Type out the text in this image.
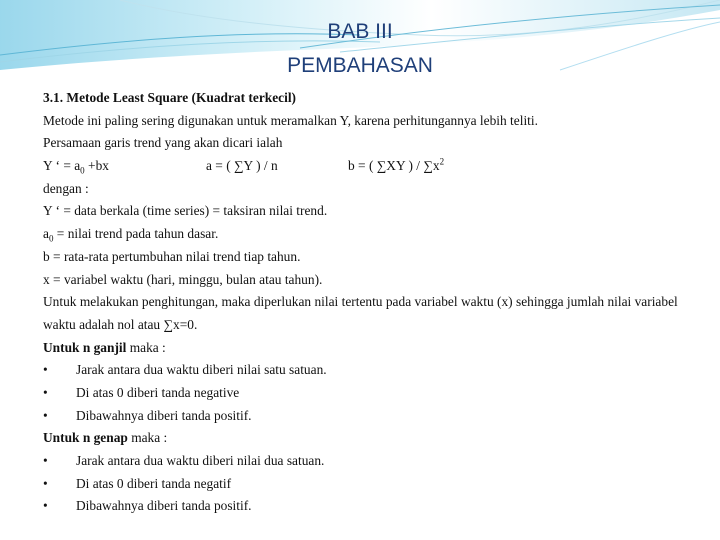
BAB III
PEMBAHASAN
3.1. Metode Least Square (Kuadrat terkecil)
Metode ini paling sering digunakan untuk meramalkan Y, karena perhitungannya lebih teliti.
Persamaan garis trend yang akan dicari ialah
Y ‘ = $a_0 +bx$	a = ( ∑Y ) / n	b = ( ∑XY ) / $\sum x^2$
dengan :
Y ‘ = data berkala (time series) = taksiran nilai trend.
$a_0$ = nilai trend pada tahun dasar.
b = rata-rata pertumbuhan nilai trend tiap tahun.
x = variabel waktu (hari, minggu, bulan atau tahun).
Untuk melakukan penghitungan, maka diperlukan nilai tertentu pada variabel waktu (x) sehingga jumlah nilai variabel waktu adalah nol atau ∑x=0.
Untuk n ganjil maka :
• Jarak antara dua waktu diberi nilai satu satuan.
• Di atas 0 diberi tanda negative
• Dibawahnya diberi tanda positif.
Untuk n genap maka :
• Jarak antara dua waktu diberi nilai dua satuan.
• Di atas 0 diberi tanda negatif
• Dibawahnya diberi tanda positif.
